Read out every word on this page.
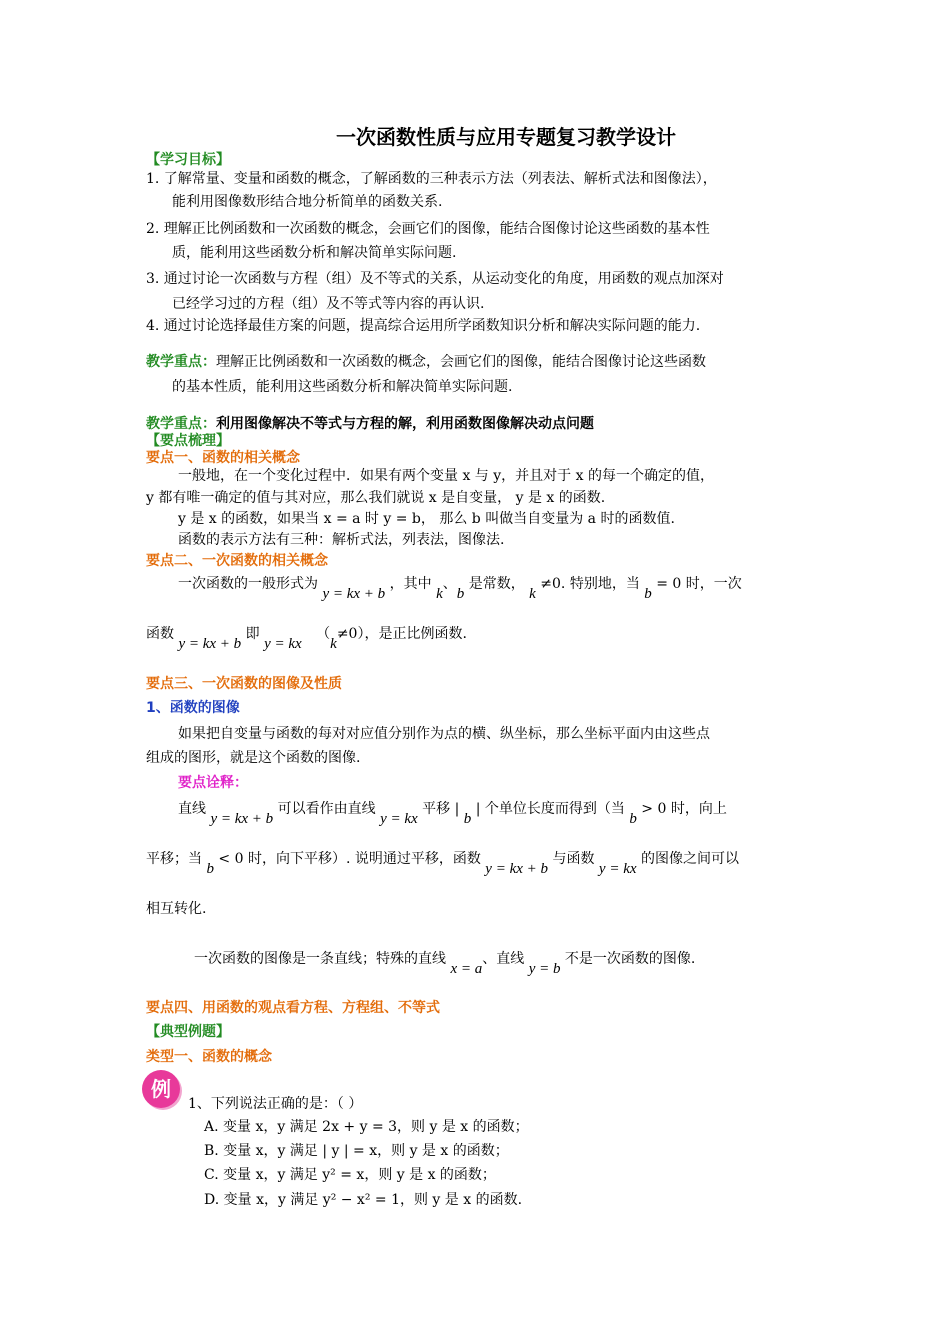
一次函数性质与应用专题复习教学设计
【学习目标】
1. 了解常量、变量和函数的概念，了解函数的三种表示方法（列表法、解析式法和图像法），
能利用图像数形结合地分析简单的函数关系.
2. 理解正比例函数和一次函数的概念，会画它们的图像，能结合图像讨论这些函数的基本性
质，能利用这些函数分析和解决简单实际问题.
3. 通过讨论一次函数与方程（组）及不等式的关系，从运动变化的角度，用函数的观点加深对
已经学习过的方程（组）及不等式等内容的再认识.
4. 通过讨论选择最佳方案的问题，提高综合运用所学函数知识分析和解决实际问题的能力.
教学重点：理解正比例函数和一次函数的概念，会画它们的图像，能结合图像讨论这些函数
的基本性质，能利用这些函数分析和解决简单实际问题.
教学重点：利用图像解决不等式与方程的解，利用函数图像解决动点问题
【要点梳理】
要点一、函数的相关概念
一般地，在一个变化过程中．如果有两个变量 x 与 y，并且对于 x 的每一个确定的值，
y 都有唯一确定的值与其对应，那么我们就说 x 是自变量， y 是 x 的函数.
y 是 x 的函数，如果当 x = a 时 y = b， 那么 b 叫做当自变量为 a 时的函数值.
函数的表示方法有三种：解析式法，列表法，图像法.
要点二、一次函数的相关概念
一次函数的一般形式为 y = kx + b ，其中 k、b 是常数， k ≠0. 特别地，当 b = 0 时，一次
函数 y = kx + b 即 y = kx （k≠0），是正比例函数.
要点三、一次函数的图像及性质
1、函数的图像
如果把自变量与函数的每对对应值分别作为点的横、纵坐标，那么坐标平面内由这些点
组成的图形，就是这个函数的图像.
要点诠释：
直线 y = kx + b 可以看作由直线 y = kx 平移 | b | 个单位长度而得到（当 b > 0 时，向上
平移；当 b < 0 时，向下平移）. 说明通过平移，函数 y = kx + b 与函数 y = kx 的图像之间可以
相互转化.
一次函数的图像是一条直线；特殊的直线 x = a、直线 y = b 不是一次函数的图像.
要点四、用函数的观点看方程、方程组、不等式
【典型例题】
类型一、函数的概念
例
1、下列说法正确的是：（ ）
A. 变量 x，y 满足 2x + y = 3，则 y 是 x 的函数；
B. 变量 x，y 满足 | y | = x，则 y 是 x 的函数；
C. 变量 x，y 满足 y² = x，则 y 是 x 的函数；
D. 变量 x，y 满足 y² − x² = 1，则 y 是 x 的函数.
